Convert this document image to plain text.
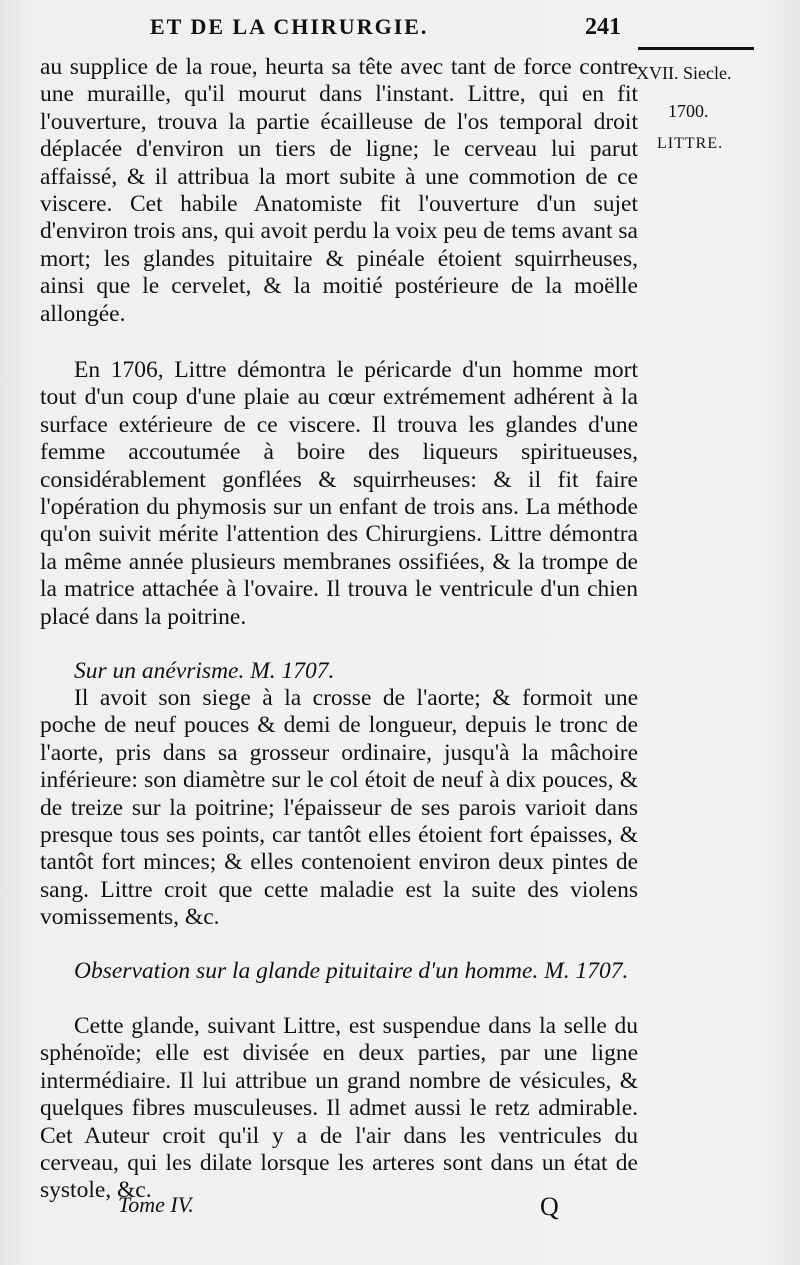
ET DE LA CHIRURGIE.	241
XVII. Siecle.
1700.
LITTRE.

au supplice de la roue, heurta sa tête avec tant de force contre une muraille, qu'il mourut dans l'instant. Littre, qui en fit l'ouverture, trouva la partie écailleuse de l'os temporal droit déplacée d'environ un tiers de ligne; le cerveau lui parut affaissé, & il attribua la mort subite à une commotion de ce viscere. Cet habile Anatomiste fit l'ouverture d'un sujet d'environ trois ans, qui avoit perdu la voix peu de tems avant sa mort; les glandes pituitaire & pinéale étoient squirrheuses, ainsi que le cervelet, & la moitié postérieure de la moëlle allongée.

En 1706, Littre démontra le péricarde d'un homme mort tout d'un coup d'une plaie au cœur extrémement adhérent à la surface extérieure de ce viscere. Il trouva les glandes d'une femme accoutumée à boire des liqueurs spiritueuses, considérablement gonflées & squirrheuses: & il fit faire l'opération du phymosis sur un enfant de trois ans. La méthode qu'on suivit mérite l'attention des Chirurgiens. Littre démontra la même année plusieurs membranes ossifiées, & la trompe de la matrice attachée à l'ovaire. Il trouva le ventricule d'un chien placé dans la poitrine.

Sur un anévrisme. M. 1707.

Il avoit son siege à la crosse de l'aorte; & formoit une poche de neuf pouces & demi de longueur, depuis le tronc de l'aorte, pris dans sa grosseur ordinaire, jusqu'à la mâchoire inférieure: son diamètre sur le col étoit de neuf à dix pouces, & de treize sur la poitrine; l'épaisseur de ses parois varioit dans presque tous ses points, car tantôt elles étoient fort épaisses, & tantôt fort minces; & elles contenoient environ deux pintes de sang. Littre croit que cette maladie est la suite des violens vomissements, &c.

Observation sur la glande pituitaire d'un homme. M. 1707.

Cette glande, suivant Littre, est suspendue dans la selle du sphénoïde; elle est divisée en deux parties, par une ligne intermédiaire. Il lui attribue un grand nombre de vésicules, & quelques fibres musculeuses. Il admet aussi le retz admirable. Cet Auteur croit qu'il y a de l'air dans les ventricules du cerveau, qui les dilate lorsque les arteres sont dans un état de systole, &c.

Tome IV.	Q
